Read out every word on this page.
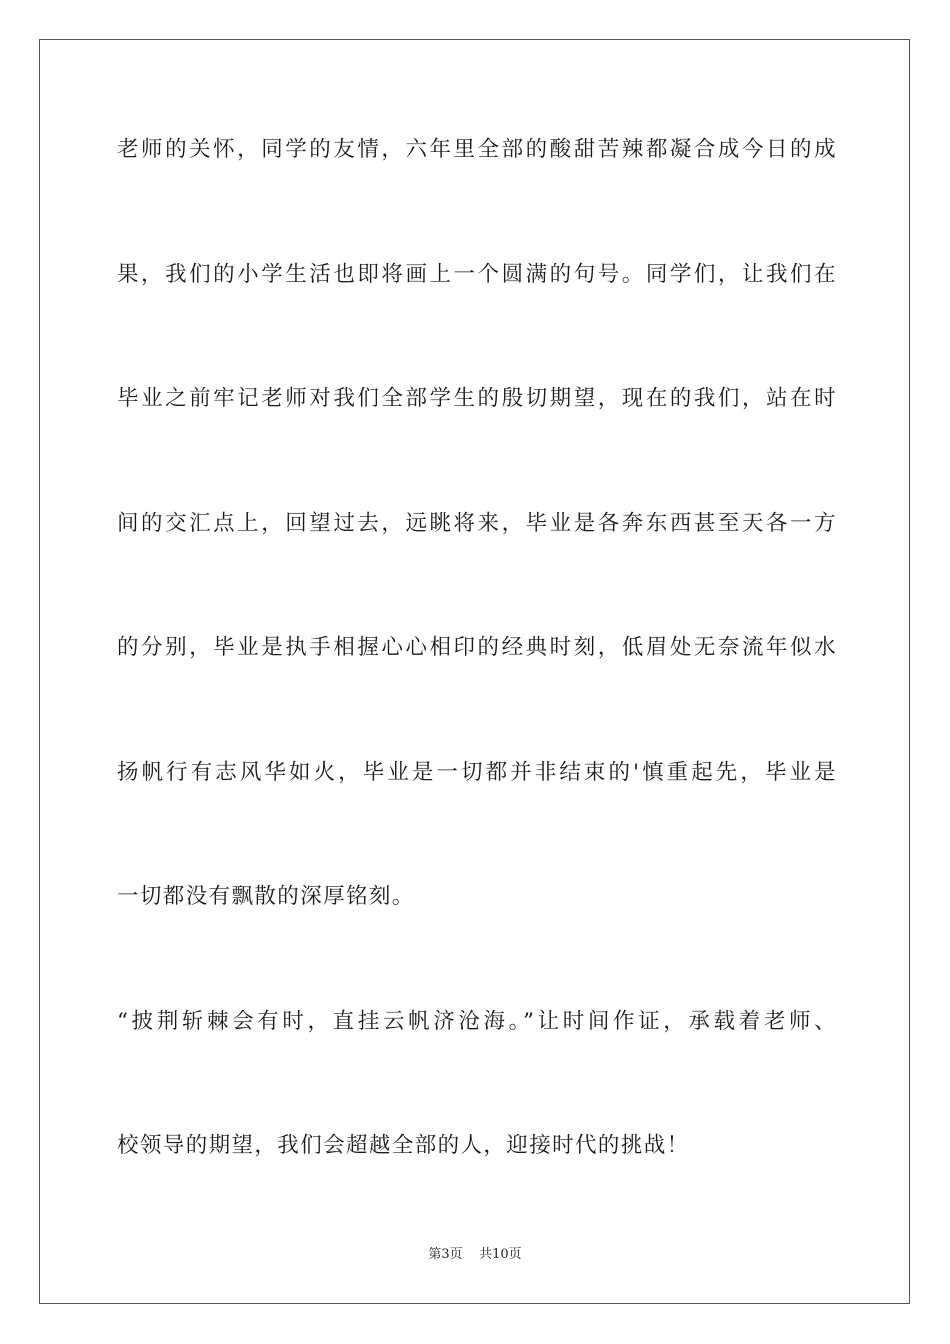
老师的关怀，同学的友情，六年里全部的酸甜苦辣都凝合成今日的成
果，我们的小学生活也即将画上一个圆满的句号。同学们，让我们在
毕业之前牢记老师对我们全部学生的殷切期望，现在的我们，站在时
间的交汇点上，回望过去，远眺将来，毕业是各奔东西甚至天各一方
的分别，毕业是执手相握心心相印的经典时刻，低眉处无奈流年似水
扬帆行有志风华如火，毕业是一切都并非结束的'慎重起先，毕业是
一切都没有飘散的深厚铭刻。
“披荆斩棘会有时，直挂云帆济沧海。”让时间作证，承载着老师、
校领导的期望，我们会超越全部的人，迎接时代的挑战！
第3页 共10页
